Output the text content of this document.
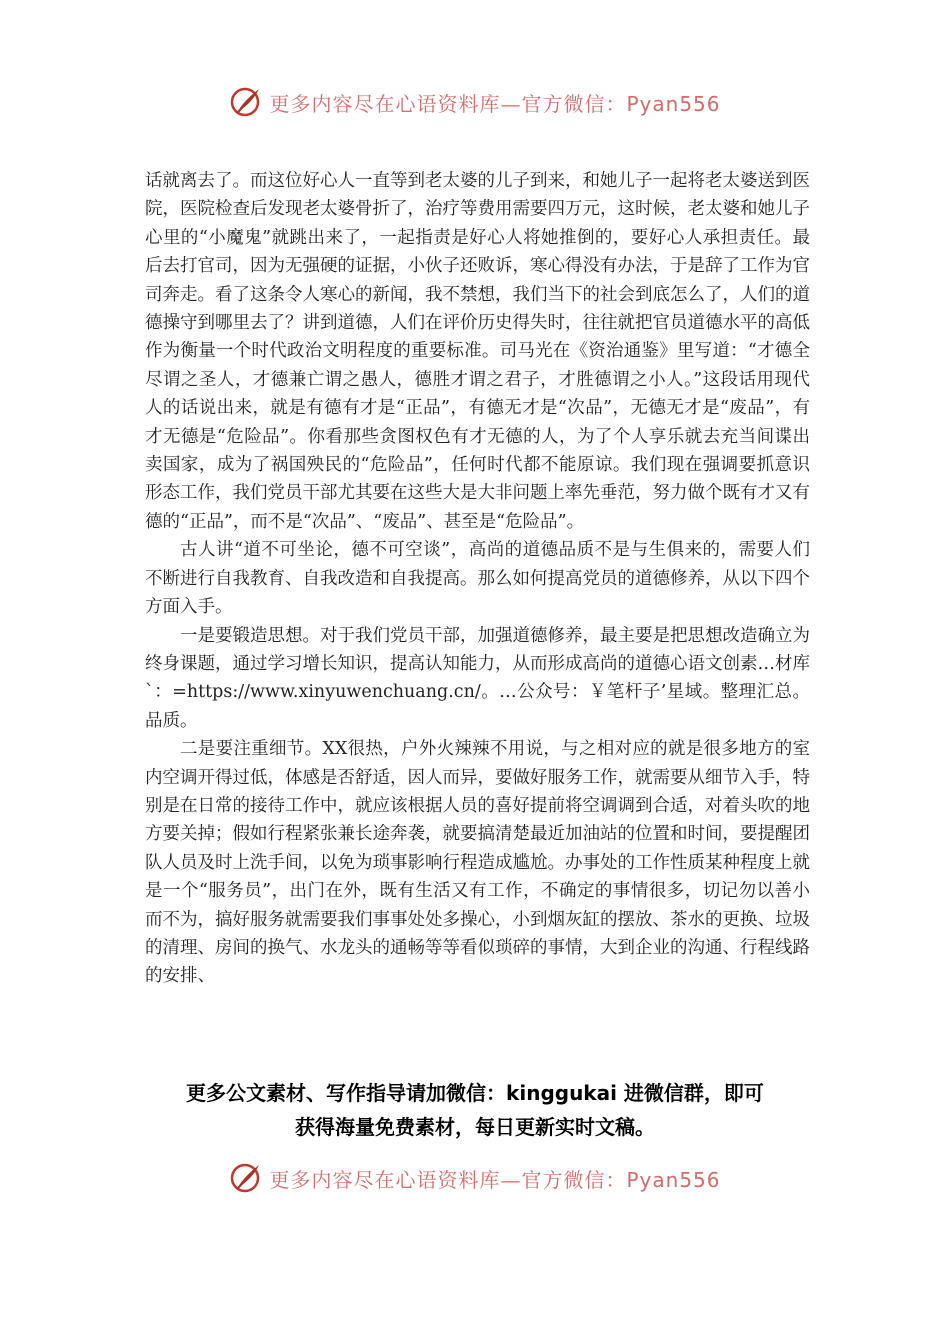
更多内容尽在心语资料库—官方微信：Pyan556

话就离去了。而这位好心人一直等到老太婆的儿子到来，和她儿子一起将老太婆送到医院，医院检查后发现老太婆骨折了，治疗等费用需要四万元，这时候，老太婆和她儿子心里的“小魔鬼”就跳出来了，一起指责是好心人将她推倒的，要好心人承担责任。最后去打官司，因为无强硬的证据，小伙子还败诉，寒心得没有办法，于是辞了工作为官司奔走。看了这条令人寒心的新闻，我不禁想，我们当下的社会到底怎么了，人们的道德操守到哪里去了？讲到道德，人们在评价历史得失时，往往就把官员道德水平的高低作为衡量一个时代政治文明程度的重要标准。司马光在《资治通鉴》里写道：“才德全尽谓之圣人，才德兼亡谓之愚人，德胜才谓之君子，才胜德谓之小人。”这段话用现代人的话说出来，就是有德有才是“正品”，有德无才是“次品”，无德无才是“废品”，有才无德是“危险品”。你看那些贪图权色有才无德的人，为了个人享乐就去充当间谍出卖国家，成为了祸国殃民的“危险品”，任何时代都不能原谅。我们现在强调要抓意识形态工作，我们党员干部尤其要在这些大是大非问题上率先垂范，努力做个既有才又有德的“正品”，而不是“次品”、“废品”、甚至是“危险品”。

古人讲“道不可坐论，德不可空谈”，高尚的道德品质不是与生俱来的，需要人们不断进行自我教育、自我改造和自我提高。那么如何提高党员的道德修养，从以下四个方面入手。

一是要锻造思想。对于我们党员干部，加强道德修养，最主要是把思想改造确立为终身课题，通过学习增长知识，提高认知能力，从而形成高尚的道德心语文创素…材库`：=https://www.xinyuwenchuang.cn/。…公众号：￥笔杆子’星域。整理汇总。品质。

二是要注重细节。XX很热，户外火辣辣不用说，与之相对应的就是很多地方的室内空调开得过低，体感是否舒适，因人而异，要做好服务工作，就需要从细节入手，特别是在日常的接待工作中，就应该根据人员的喜好提前将空调调到合适，对着头吹的地方要关掉；假如行程紧张兼长途奔袭，就要搞清楚最近加油站的位置和时间，要提醒团队人员及时上洗手间，以免为琐事影响行程造成尴尬。办事处的工作性质某种程度上就是一个“服务员”，出门在外，既有生活又有工作，不确定的事情很多，切记勿以善小而不为，搞好服务就需要我们事事处处多操心，小到烟灰缸的摆放、茶水的更换、垃圾的清理、房间的换气、水龙头的通畅等等看似琐碎的事情，大到企业的沟通、行程线路的安排、

更多公文素材、写作指导请加微信：kinggukai 进微信群，即可
获得海量免费素材，每日更新实时文稿。
更多内容尽在心语资料库—官方微信：Pyan556
